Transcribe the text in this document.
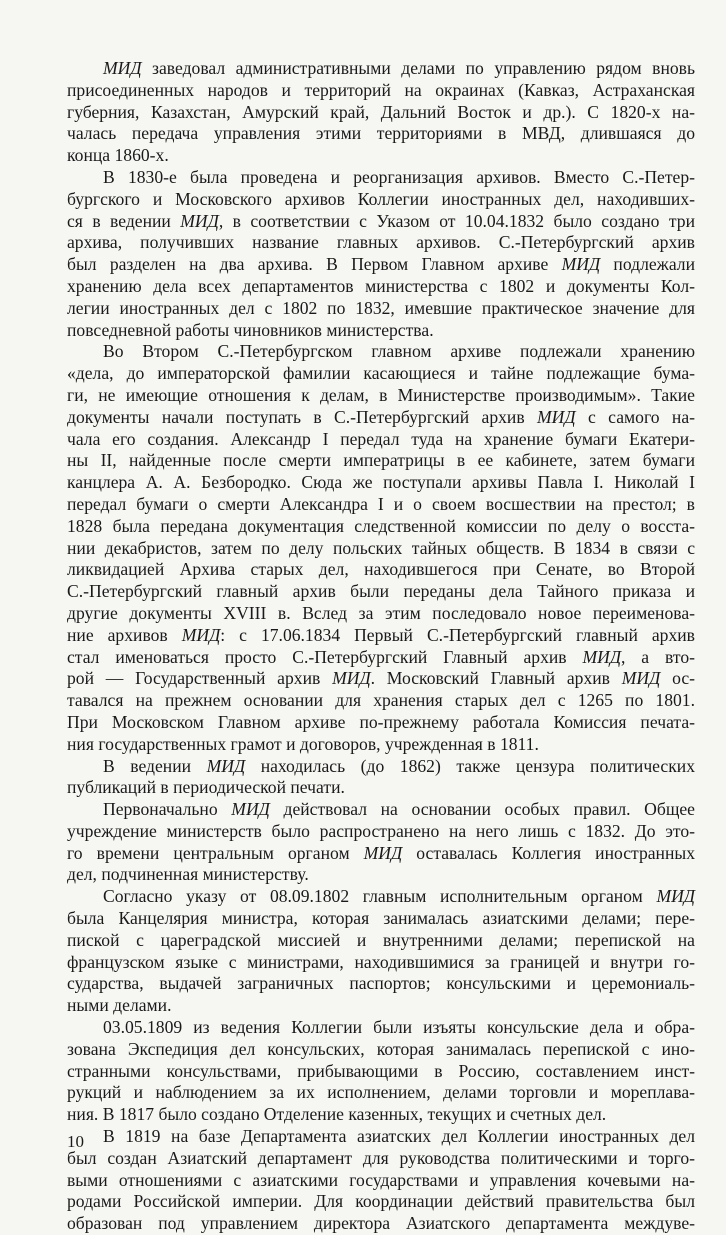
МИД заведовал административными делами по управлению рядом вновь
присоединенных народов и территорий на окраинах (Кавказ, Астраханская
губерния, Казахстан, Амурский край, Дальний Восток и др.). С 1820-х на-
чалась передача управления этими территориями в МВД, длившаяся до
конца 1860-х.
В 1830-е была проведена и реорганизация архивов. Вместо С.-Петер-
бургского и Московского архивов Коллегии иностранных дел, находивших-
ся в ведении МИД, в соответствии с Указом от 10.04.1832 было создано три
архива, получивших название главных архивов. С.-Петербургский архив
был разделен на два архива. В Первом Главном архиве МИД подлежали
хранению дела всех департаментов министерства с 1802 и документы Кол-
легии иностранных дел с 1802 по 1832, имевшие практическое значение для
повседневной работы чиновников министерства.
Во Втором С.-Петербургском главном архиве подлежали хранению
«дела, до императорской фамилии касающиеся и тайне подлежащие бума-
ги, не имеющие отношения к делам, в Министерстве производимым». Такие
документы начали поступать в С.-Петербургский архив МИД с самого на-
чала его создания. Александр I передал туда на хранение бумаги Екатери-
ны II, найденные после смерти императрицы в ее кабинете, затем бумаги
канцлера А. А. Безбородко. Сюда же поступали архивы Павла I. Николай I
передал бумаги о смерти Александра I и о своем восшествии на престол; в
1828 была передана документация следственной комиссии по делу о восста-
нии декабристов, затем по делу польских тайных обществ. В 1834 в связи с
ликвидацией Архива старых дел, находившегося при Сенате, во Второй
С.-Петербургский главный архив были переданы дела Тайного приказа и
другие документы XVIII в. Вслед за этим последовало новое переименова-
ние архивов МИД: с 17.06.1834 Первый С.-Петербургский главный архив
стал именоваться просто С.-Петербургский Главный архив МИД, а вто-
рой — Государственный архив МИД. Московский Главный архив МИД ос-
тавался на прежнем основании для хранения старых дел с 1265 по 1801.
При Московском Главном архиве по-прежнему работала Комиссия печата-
ния государственных грамот и договоров, учрежденная в 1811.
В ведении МИД находилась (до 1862) также цензура политических
публикаций в периодической печати.
Первоначально МИД действовал на основании особых правил. Общее
учреждение министерств было распространено на него лишь с 1832. До это-
го времени центральным органом МИД оставалась Коллегия иностранных
дел, подчиненная министерству.
Согласно указу от 08.09.1802 главным исполнительным органом МИД
была Канцелярия министра, которая занималась азиатскими делами; пере-
пиской с цареградской миссией и внутренними делами; перепиской на
французском языке с министрами, находившимися за границей и внутри го-
сударства, выдачей заграничных паспортов; консульскими и церемониаль-
ными делами.
03.05.1809 из ведения Коллегии были изъяты консульские дела и обра-
зована Экспедиция дел консульских, которая занималась перепиской с ино-
странными консульствами, прибывающими в Россию, составлением инст-
рукций и наблюдением за их исполнением, делами торговли и мореплава-
ния. В 1817 было создано Отделение казенных, текущих и счетных дел.
В 1819 на базе Департамента азиатских дел Коллегии иностранных дел
был создан Азиатский департамент для руководства политическими и торго-
выми отношениями с азиатскими государствами и управления кочевыми на-
родами Российской империи. Для координации действий правительства был
образован под управлением директора Азиатского департамента междуве-
10
